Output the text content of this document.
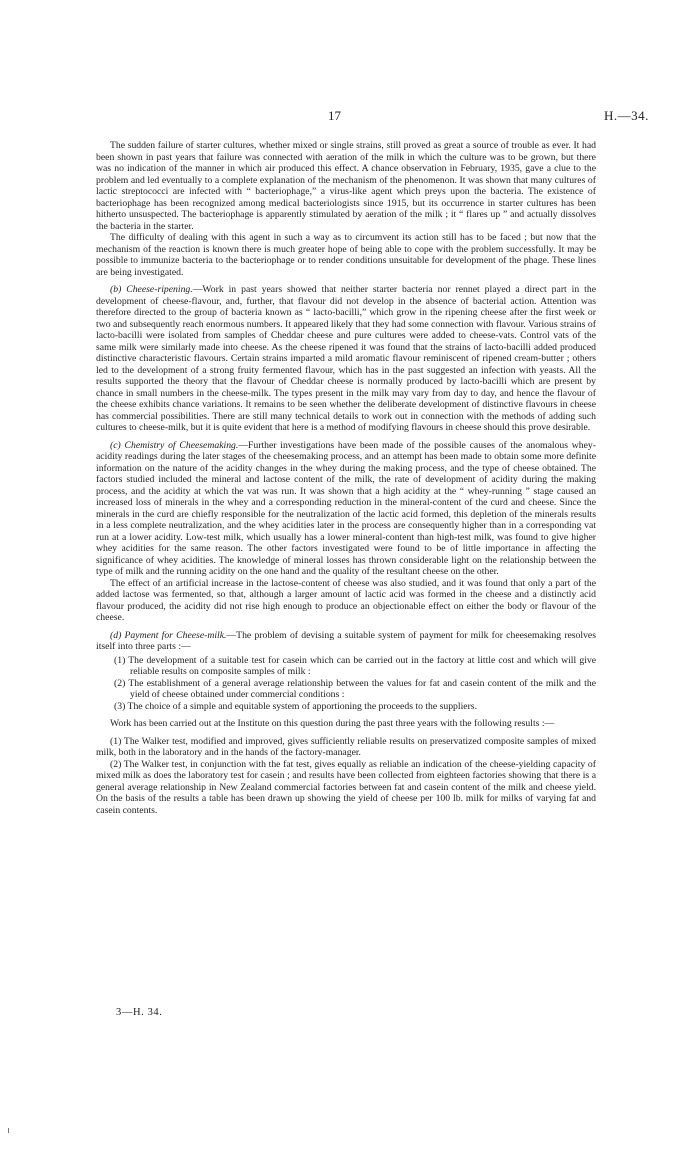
17	H.—34.

The sudden failure of starter cultures, whether mixed or single strains, still proved as great a source of trouble as ever. It had been shown in past years that failure was connected with aeration of the milk in which the culture was to be grown, but there was no indication of the manner in which air produced this effect. A chance observation in February, 1935, gave a clue to the problem and led eventually to a complete explanation of the mechanism of the phenomenon. It was shown that many cultures of lactic streptococci are infected with “ bacteriophage,” a virus-like agent which preys upon the bacteria. The existence of bacteriophage has been recognized among medical bacteriologists since 1915, but its occurrence in starter cultures has been hitherto unsuspected. The bacteriophage is apparently stimulated by aeration of the milk ; it “ flares up ” and actually dissolves the bacteria in the starter.

The difficulty of dealing with this agent in such a way as to circumvent its action still has to be faced ; but now that the mechanism of the reaction is known there is much greater hope of being able to cope with the problem successfully. It may be possible to immunize bacteria to the bacteriophage or to render conditions unsuitable for development of the phage. These lines are being investigated.

(b) Cheese-ripening.—Work in past years showed that neither starter bacteria nor rennet played a direct part in the development of cheese-flavour, and, further, that flavour did not develop in the absence of bacterial action. Attention was therefore directed to the group of bacteria known as “ lacto-bacilli,” which grow in the ripening cheese after the first week or two and subsequently reach enormous numbers. It appeared likely that they had some connection with flavour. Various strains of lacto-bacilli were isolated from samples of Cheddar cheese and pure cultures were added to cheese-vats. Control vats of the same milk were similarly made into cheese. As the cheese ripened it was found that the strains of lacto-bacilli added produced distinctive characteristic flavours. Certain strains imparted a mild aromatic flavour reminiscent of ripened cream-butter ; others led to the development of a strong fruity fermented flavour, which has in the past suggested an infection with yeasts. All the results supported the theory that the flavour of Cheddar cheese is normally produced by lacto-bacilli which are present by chance in small numbers in the cheese-milk. The types present in the milk may vary from day to day, and hence the flavour of the cheese exhibits chance variations. It remains to be seen whether the deliberate development of distinctive flavours in cheese has commercial possibilities. There are still many technical details to work out in connection with the methods of adding such cultures to cheese-milk, but it is quite evident that here is a method of modifying flavours in cheese should this prove desirable.

(c) Chemistry of Cheesemaking.—Further investigations have been made of the possible causes of the anomalous whey-acidity readings during the later stages of the cheesemaking process, and an attempt has been made to obtain some more definite information on the nature of the acidity changes in the whey during the making process, and the type of cheese obtained. The factors studied included the mineral and lactose content of the milk, the rate of development of acidity during the making process, and the acidity at which the vat was run. It was shown that a high acidity at the “ whey-running ” stage caused an increased loss of minerals in the whey and a corresponding reduction in the mineral-content of the curd and cheese. Since the minerals in the curd are chiefly responsible for the neutralization of the lactic acid formed, this depletion of the minerals results in a less complete neutralization, and the whey acidities later in the process are consequently higher than in a corresponding vat run at a lower acidity. Low-test milk, which usually has a lower mineral-content than high-test milk, was found to give higher whey acidities for the same reason. The other factors investigated were found to be of little importance in affecting the significance of whey acidities. The knowledge of mineral losses has thrown considerable light on the relationship between the type of milk and the running acidity on the one hand and the quality of the resultant cheese on the other.

The effect of an artificial increase in the lactose-content of cheese was also studied, and it was found that only a part of the added lactose was fermented, so that, although a larger amount of lactic acid was formed in the cheese and a distinctly acid flavour produced, the acidity did not rise high enough to produce an objectionable effect on either the body or flavour of the cheese.

(d) Payment for Cheese-milk.—The problem of devising a suitable system of payment for milk for cheesemaking resolves itself into three parts :—

(1) The development of a suitable test for casein which can be carried out in the factory at little cost and which will give reliable results on composite samples of milk :

(2) The establishment of a general average relationship between the values for fat and casein content of the milk and the yield of cheese obtained under commercial conditions :

(3) The choice of a simple and equitable system of apportioning the proceeds to the suppliers.

Work has been carried out at the Institute on this question during the past three years with the following results :—

(1) The Walker test, modified and improved, gives sufficiently reliable results on preservatized composite samples of mixed milk, both in the laboratory and in the hands of the factory-manager.

(2) The Walker test, in conjunction with the fat test, gives equally as reliable an indication of the cheese-yielding capacity of mixed milk as does the laboratory test for casein ; and results have been collected from eighteen factories showing that there is a general average relationship in New Zealand commercial factories between fat and casein content of the milk and cheese yield. On the basis of the results a table has been drawn up showing the yield of cheese per 100 lb. milk for milks of varying fat and casein contents.

3—H. 34.
